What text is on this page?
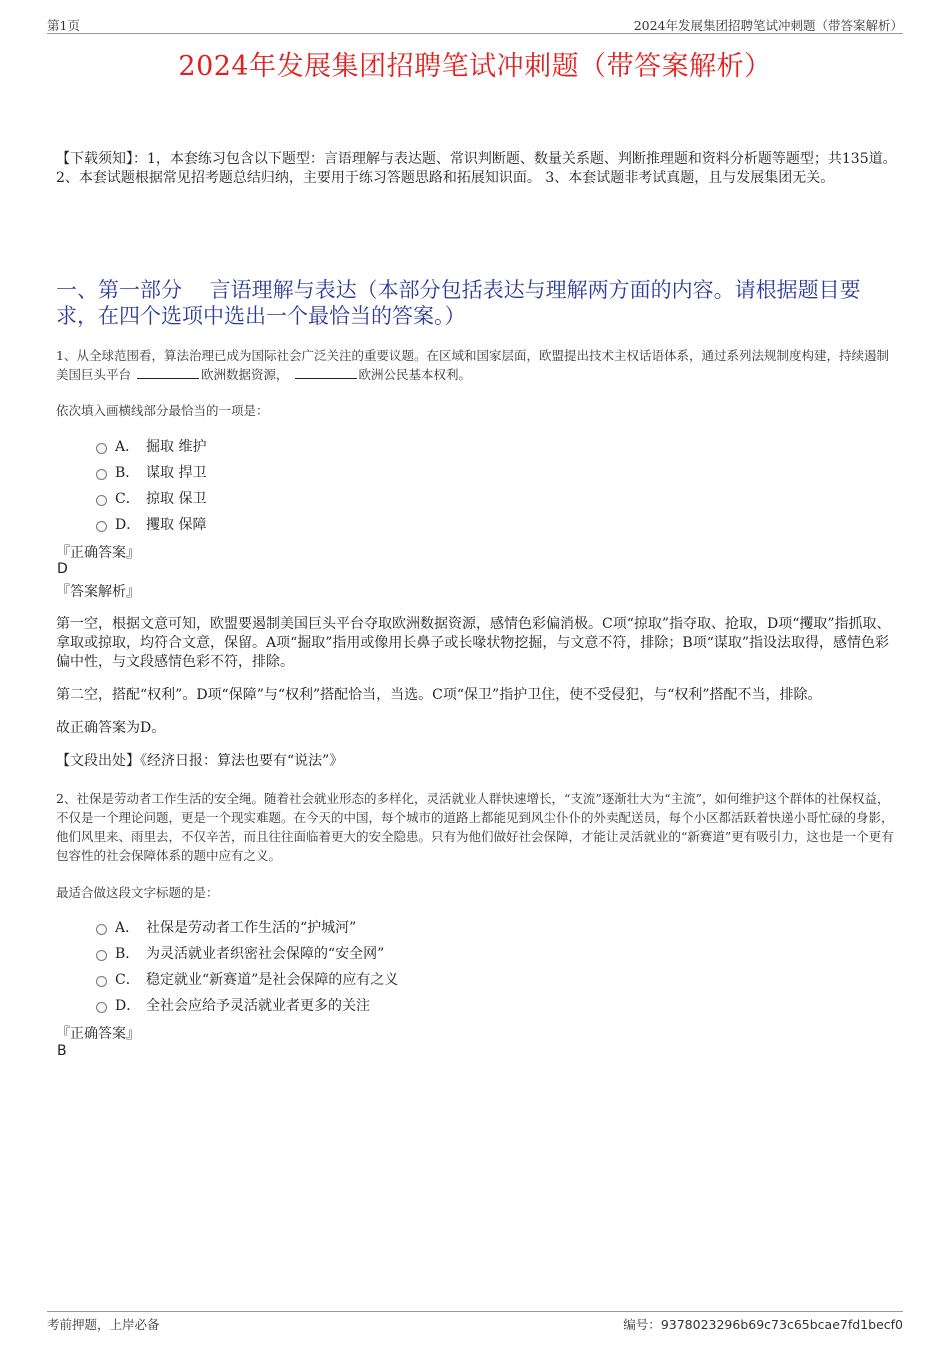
第1页	2024年发展集团招聘笔试冲刺题（带答案解析）
2024年发展集团招聘笔试冲刺题（带答案解析）
【下载须知】：1，本套练习包含以下题型：言语理解与表达题、常识判断题、数量关系题、判断推理题和资料分析题等题型；共135道。 2、本套试题根据常见招考题总结归纳，主要用于练习答题思路和拓展知识面。 3、本套试题非考试真题，且与发展集团无关。
一、第一部分　 言语理解与表达（本部分包括表达与理解两方面的内容。请根据题目要求，在四个选项中选出一个最恰当的答案。）
1、从全球范围看，算法治理已成为国际社会广泛关注的重要议题。在区域和国家层面，欧盟提出技术主权话语体系，通过系列法规制度构建，持续遏制美国巨头平台	欧洲数据资源，	欧洲公民基本权利。
依次填入画横线部分最恰当的一项是：
A． 掘取 维护
B． 谋取 捍卫
C． 掠取 保卫
D． 攫取 保障
『正确答案』
D
『答案解析』
第一空，根据文意可知，欧盟要遏制美国巨头平台夺取欧洲数据资源，感情色彩偏消极。C项“掠取”指夺取、抢取，D项“攫取”指抓取、拿取或掠取，均符合文意，保留。A项“掘取”指用或像用长鼻子或长喙状物挖掘，与文意不符，排除；B项“谋取”指设法取得，感情色彩偏中性，与文段感情色彩不符，排除。
第二空，搭配“权利”。D项“保障”与“权利”搭配恰当，当选。C项“保卫”指护卫住，使不受侵犯，与“权利”搭配不当，排除。
故正确答案为D。
【文段出处】《经济日报：算法也要有“说法”》
2、社保是劳动者工作生活的安全绳。随着社会就业形态的多样化，灵活就业人群快速增长，“支流”逐渐壮大为“主流”，如何维护这个群体的社保权益，不仅是一个理论问题，更是一个现实难题。在今天的中国，每个城市的道路上都能见到风尘仆仆的外卖配送员，每个小区都活跃着快递小哥忙碌的身影，他们风里来、雨里去，不仅辛苦，而且往往面临着更大的安全隐患。只有为他们做好社会保障，才能让灵活就业的“新赛道”更有吸引力，这也是一个更有包容性的社会保障体系的题中应有之义。
最适合做这段文字标题的是：
A． 社保是劳动者工作生活的“护城河”
B． 为灵活就业者织密社会保障的“安全网”
C． 稳定就业“新赛道”是社会保障的应有之义
D． 全社会应给予灵活就业者更多的关注
『正确答案』
B
考前押题，上岸必备	编号：9378023296b69c73c65bcae7fd1becf0
